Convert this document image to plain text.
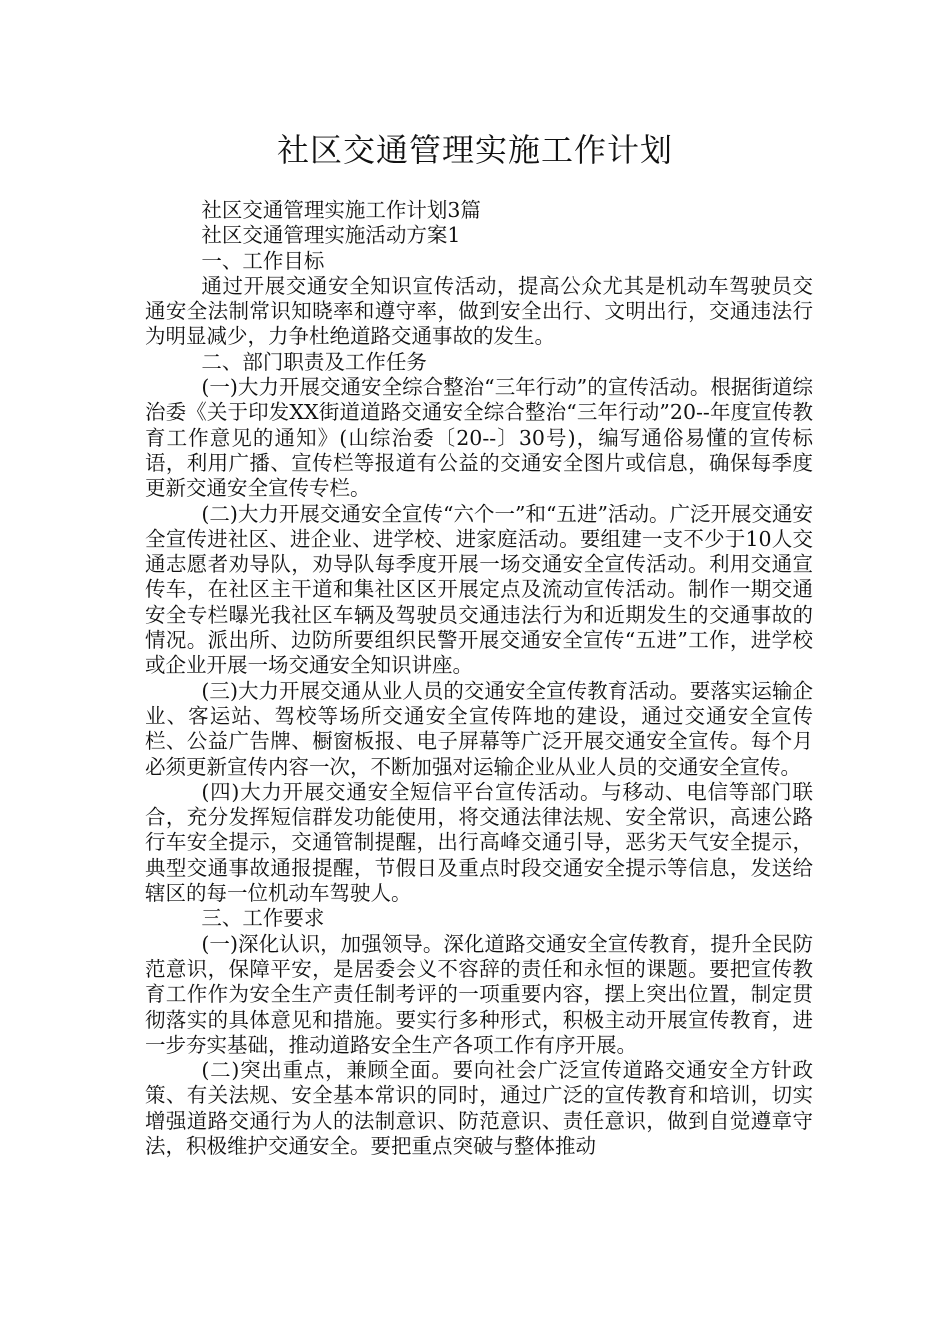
社区交通管理实施工作计划

社区交通管理实施工作计划3篇

社区交通管理实施活动方案1

一、工作目标

通过开展交通安全知识宣传活动，提高公众尤其是机动车驾驶员交通安全法制常识知晓率和遵守率，做到安全出行、文明出行，交通违法行为明显减少，力争杜绝道路交通事故的发生。

二、部门职责及工作任务

(一)大力开展交通安全综合整治“三年行动”的宣传活动。根据街道综治委《关于印发XX街道道路交通安全综合整治“三年行动”20--年度宣传教育工作意见的通知》(山综治委〔20--〕30号)，编写通俗易懂的宣传标语，利用广播、宣传栏等报道有公益的交通安全图片或信息，确保每季度更新交通安全宣传专栏。

(二)大力开展交通安全宣传“六个一”和“五进”活动。广泛开展交通安全宣传进社区、进企业、进学校、进家庭活动。要组建一支不少于10人交通志愿者劝导队，劝导队每季度开展一场交通安全宣传活动。利用交通宣传车，在社区主干道和集社区区开展定点及流动宣传活动。制作一期交通安全专栏曝光我社区车辆及驾驶员交通违法行为和近期发生的交通事故的情况。派出所、边防所要组织民警开展交通安全宣传“五进”工作，进学校或企业开展一场交通安全知识讲座。

(三)大力开展交通从业人员的交通安全宣传教育活动。要落实运输企业、客运站、驾校等场所交通安全宣传阵地的建设，通过交通安全宣传栏、公益广告牌、橱窗板报、电子屏幕等广泛开展交通安全宣传。每个月必须更新宣传内容一次，不断加强对运输企业从业人员的交通安全宣传。

(四)大力开展交通安全短信平台宣传活动。与移动、电信等部门联合，充分发挥短信群发功能使用，将交通法律法规、安全常识，高速公路行车安全提示，交通管制提醒，出行高峰交通引导，恶劣天气安全提示，典型交通事故通报提醒，节假日及重点时段交通安全提示等信息，发送给辖区的每一位机动车驾驶人。

三、工作要求

(一)深化认识，加强领导。深化道路交通安全宣传教育，提升全民防范意识，保障平安，是居委会义不容辞的责任和永恒的课题。要把宣传教育工作作为安全生产责任制考评的一项重要内容，摆上突出位置，制定贯彻落实的具体意见和措施。要实行多种形式，积极主动开展宣传教育，进一步夯实基础，推动道路安全生产各项工作有序开展。

(二)突出重点，兼顾全面。要向社会广泛宣传道路交通安全方针政策、有关法规、安全基本常识的同时，通过广泛的宣传教育和培训，切实增强道路交通行为人的法制意识、防范意识、责任意识，做到自觉遵章守法，积极维护交通安全。要把重点突破与整体推动
